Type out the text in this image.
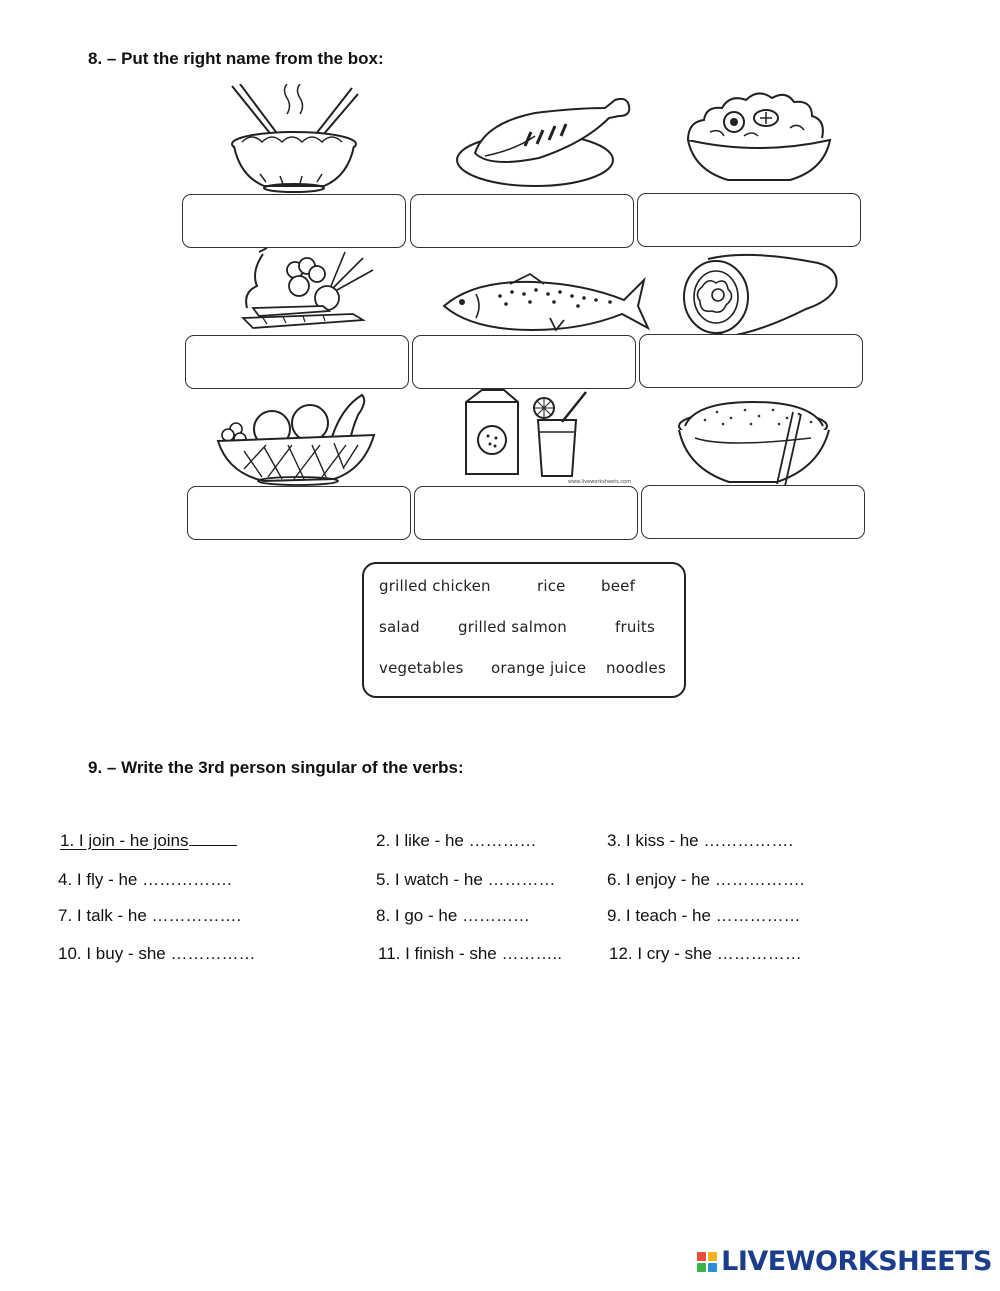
8. – Put the right name from the box:
www.liveworksheets.com
grilled chicken	rice beef
salad	grilled salmon	fruits
vegetables orange juice noodles
9. – Write the 3rd person singular of the verbs:
1. I join - he joins	2. I like - he …………	3. I kiss - he …………….
4. I fly - he …………….	5. I watch - he …………	6. I enjoy - he …………….
7. I talk - he …………….	8. I go - he …………	9. I teach - he ……………
10. I buy - she ……………	11. I finish - she ………..	12. I cry - she ……………
LIVEWORKSHEETS
